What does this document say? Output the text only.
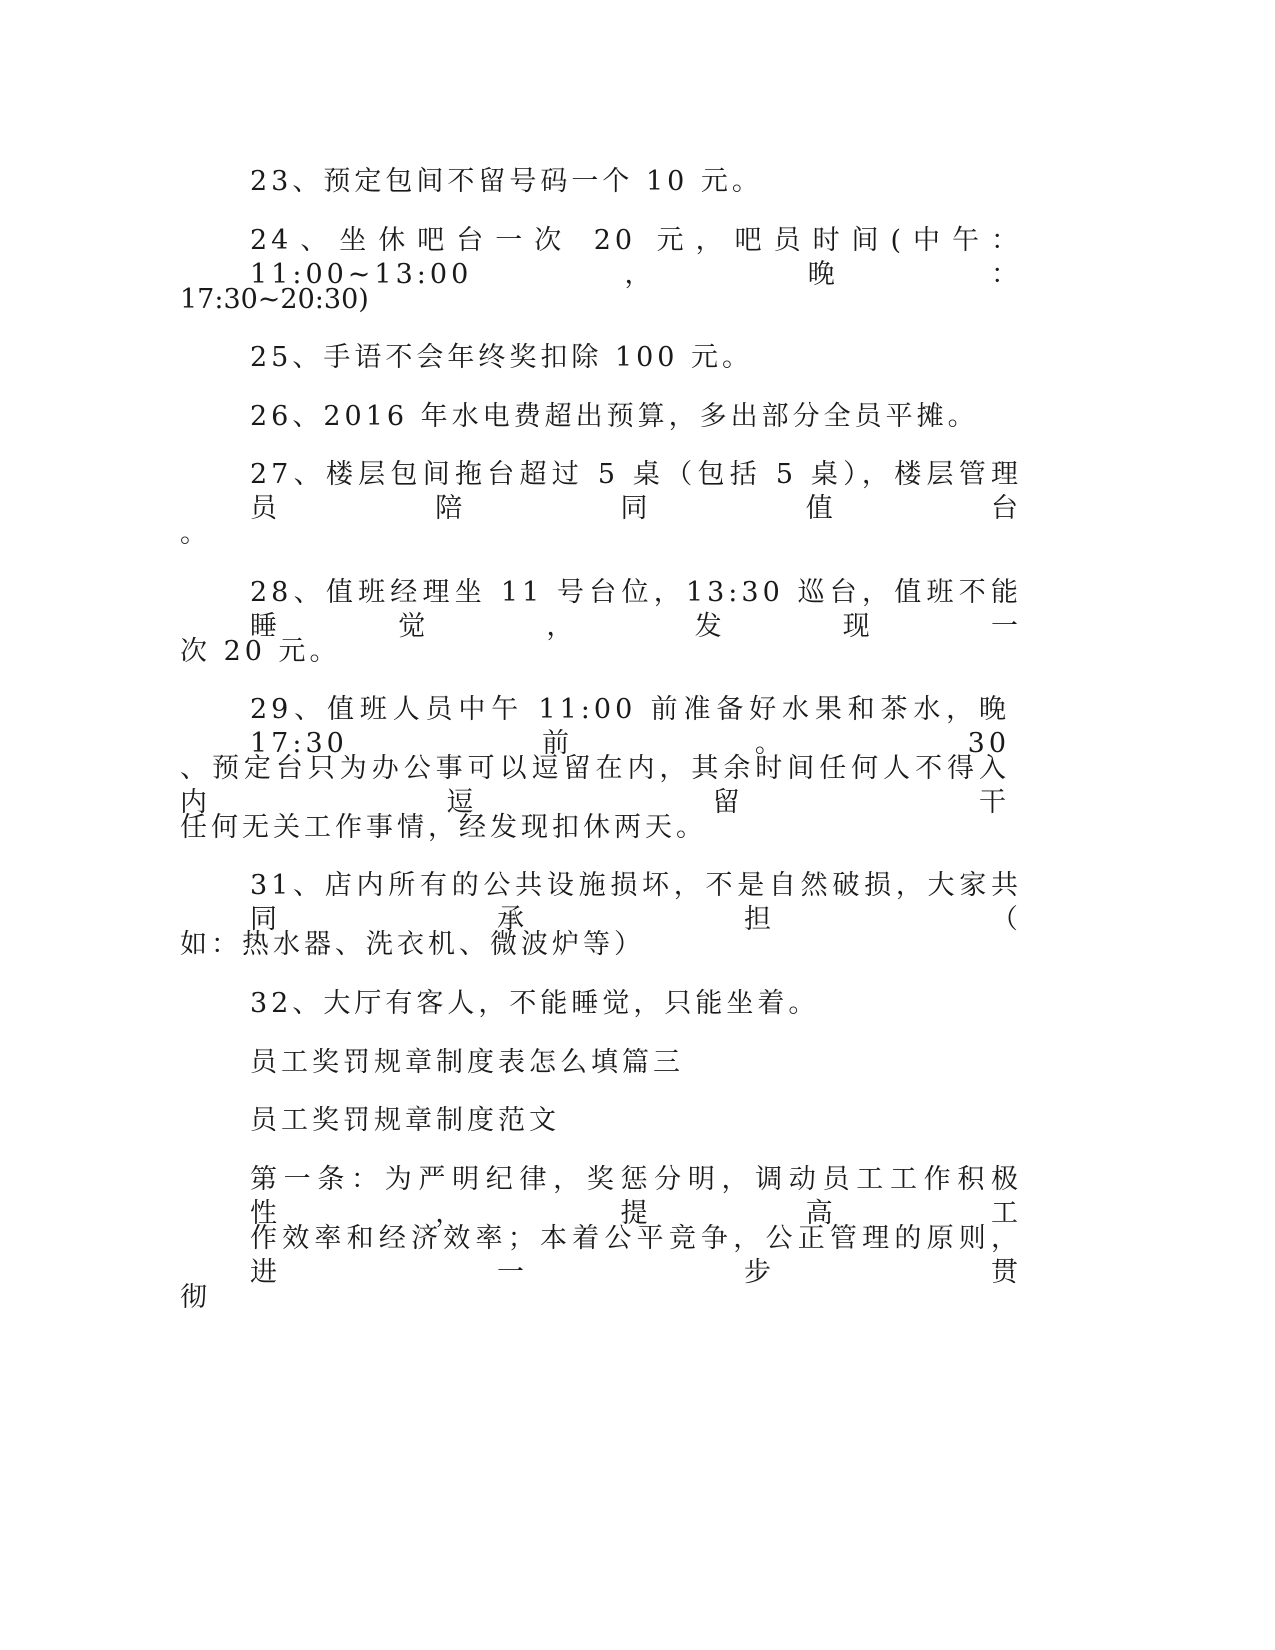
23、预定包间不留号码一个 10 元。
24、坐休吧台一次 20 元，吧员时间(中午：11:00~13:00，晚：
17:30~20:30)
25、手语不会年终奖扣除 100 元。
26、2016 年水电费超出预算，多出部分全员平摊。
27、楼层包间拖台超过 5 桌（包括 5 桌），楼层管理员陪同值台
。
28、值班经理坐 11 号台位，13:30 巡台，值班不能睡觉，发现一
次 20 元。
29、值班人员中午 11:00 前准备好水果和茶水，晚 17:30 前。30
、预定台只为办公事可以逗留在内，其余时间任何人不得入内逗留干
任何无关工作事情，经发现扣休两天。
31、店内所有的公共设施损坏，不是自然破损，大家共同承担（
如：热水器、洗衣机、微波炉等）
32、大厅有客人，不能睡觉，只能坐着。
员工奖罚规章制度表怎么填篇三
员工奖罚规章制度范文
第一条：为严明纪律，奖惩分明，调动员工工作积极性，提高工
作效率和经济效率；本着公平竞争，公正管理的原则，进一步贯
彻
